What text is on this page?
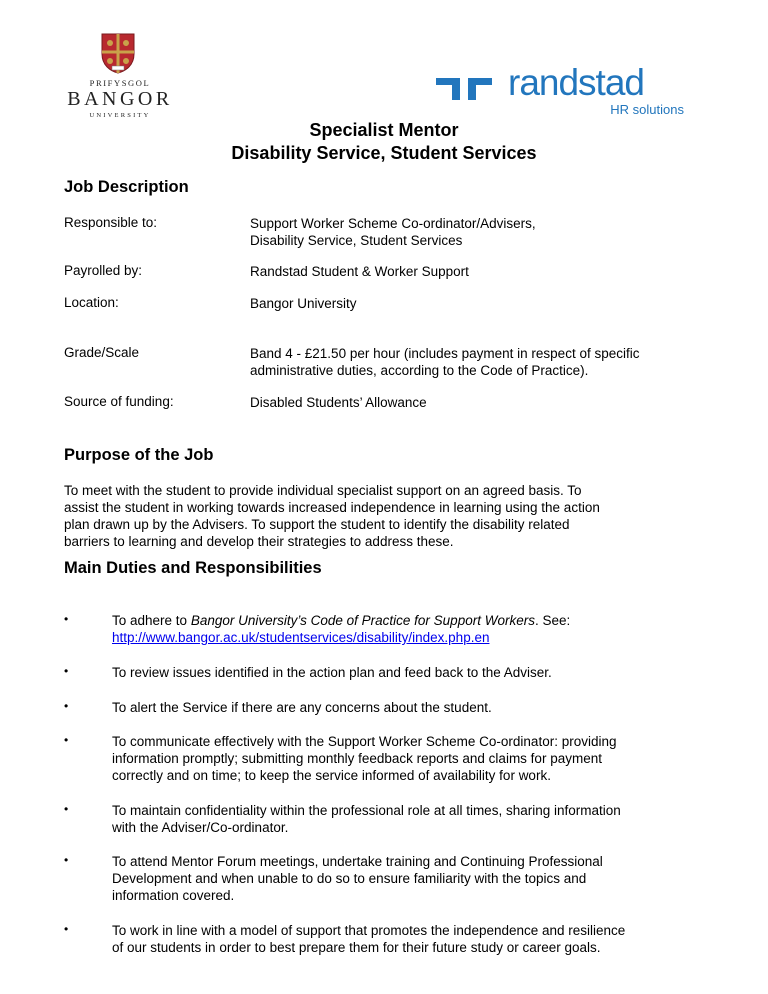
PRIFYSGOL
BANGOR
UNIVERSITY
randstad
HR solutions
Specialist Mentor
Disability Service, Student Services
Job Description
Responsible to:	Support Worker Scheme Co-ordinator/Advisers,
Disability Service, Student Services
Payrolled by:	Randstad Student & Worker Support
Location:	Bangor University
Grade/Scale	Band 4 - £21.50 per hour (includes payment in respect of specific
administrative duties, according to the Code of Practice).
Source of funding:	Disabled Students’ Allowance
Purpose of the Job
To meet with the student to provide individual specialist support on an agreed basis. To
assist the student in working towards increased independence in learning using the action
plan drawn up by the Advisers. To support the student to identify the disability related
barriers to learning and develop their strategies to address these.
Main Duties and Responsibilities
•	To adhere to Bangor University’s Code of Practice for Support Workers. See:
http://www.bangor.ac.uk/studentservices/disability/index.php.en
•	To review issues identified in the action plan and feed back to the Adviser.
•	To alert the Service if there are any concerns about the student.
•	To communicate effectively with the Support Worker Scheme Co-ordinator: providing
information promptly; submitting monthly feedback reports and claims for payment
correctly and on time; to keep the service informed of availability for work.
•	To maintain confidentiality within the professional role at all times, sharing information
with the Adviser/Co-ordinator.
•	To attend Mentor Forum meetings, undertake training and Continuing Professional
Development and when unable to do so to ensure familiarity with the topics and
information covered.
•	To work in line with a model of support that promotes the independence and resilience
of our students in order to best prepare them for their future study or career goals.
